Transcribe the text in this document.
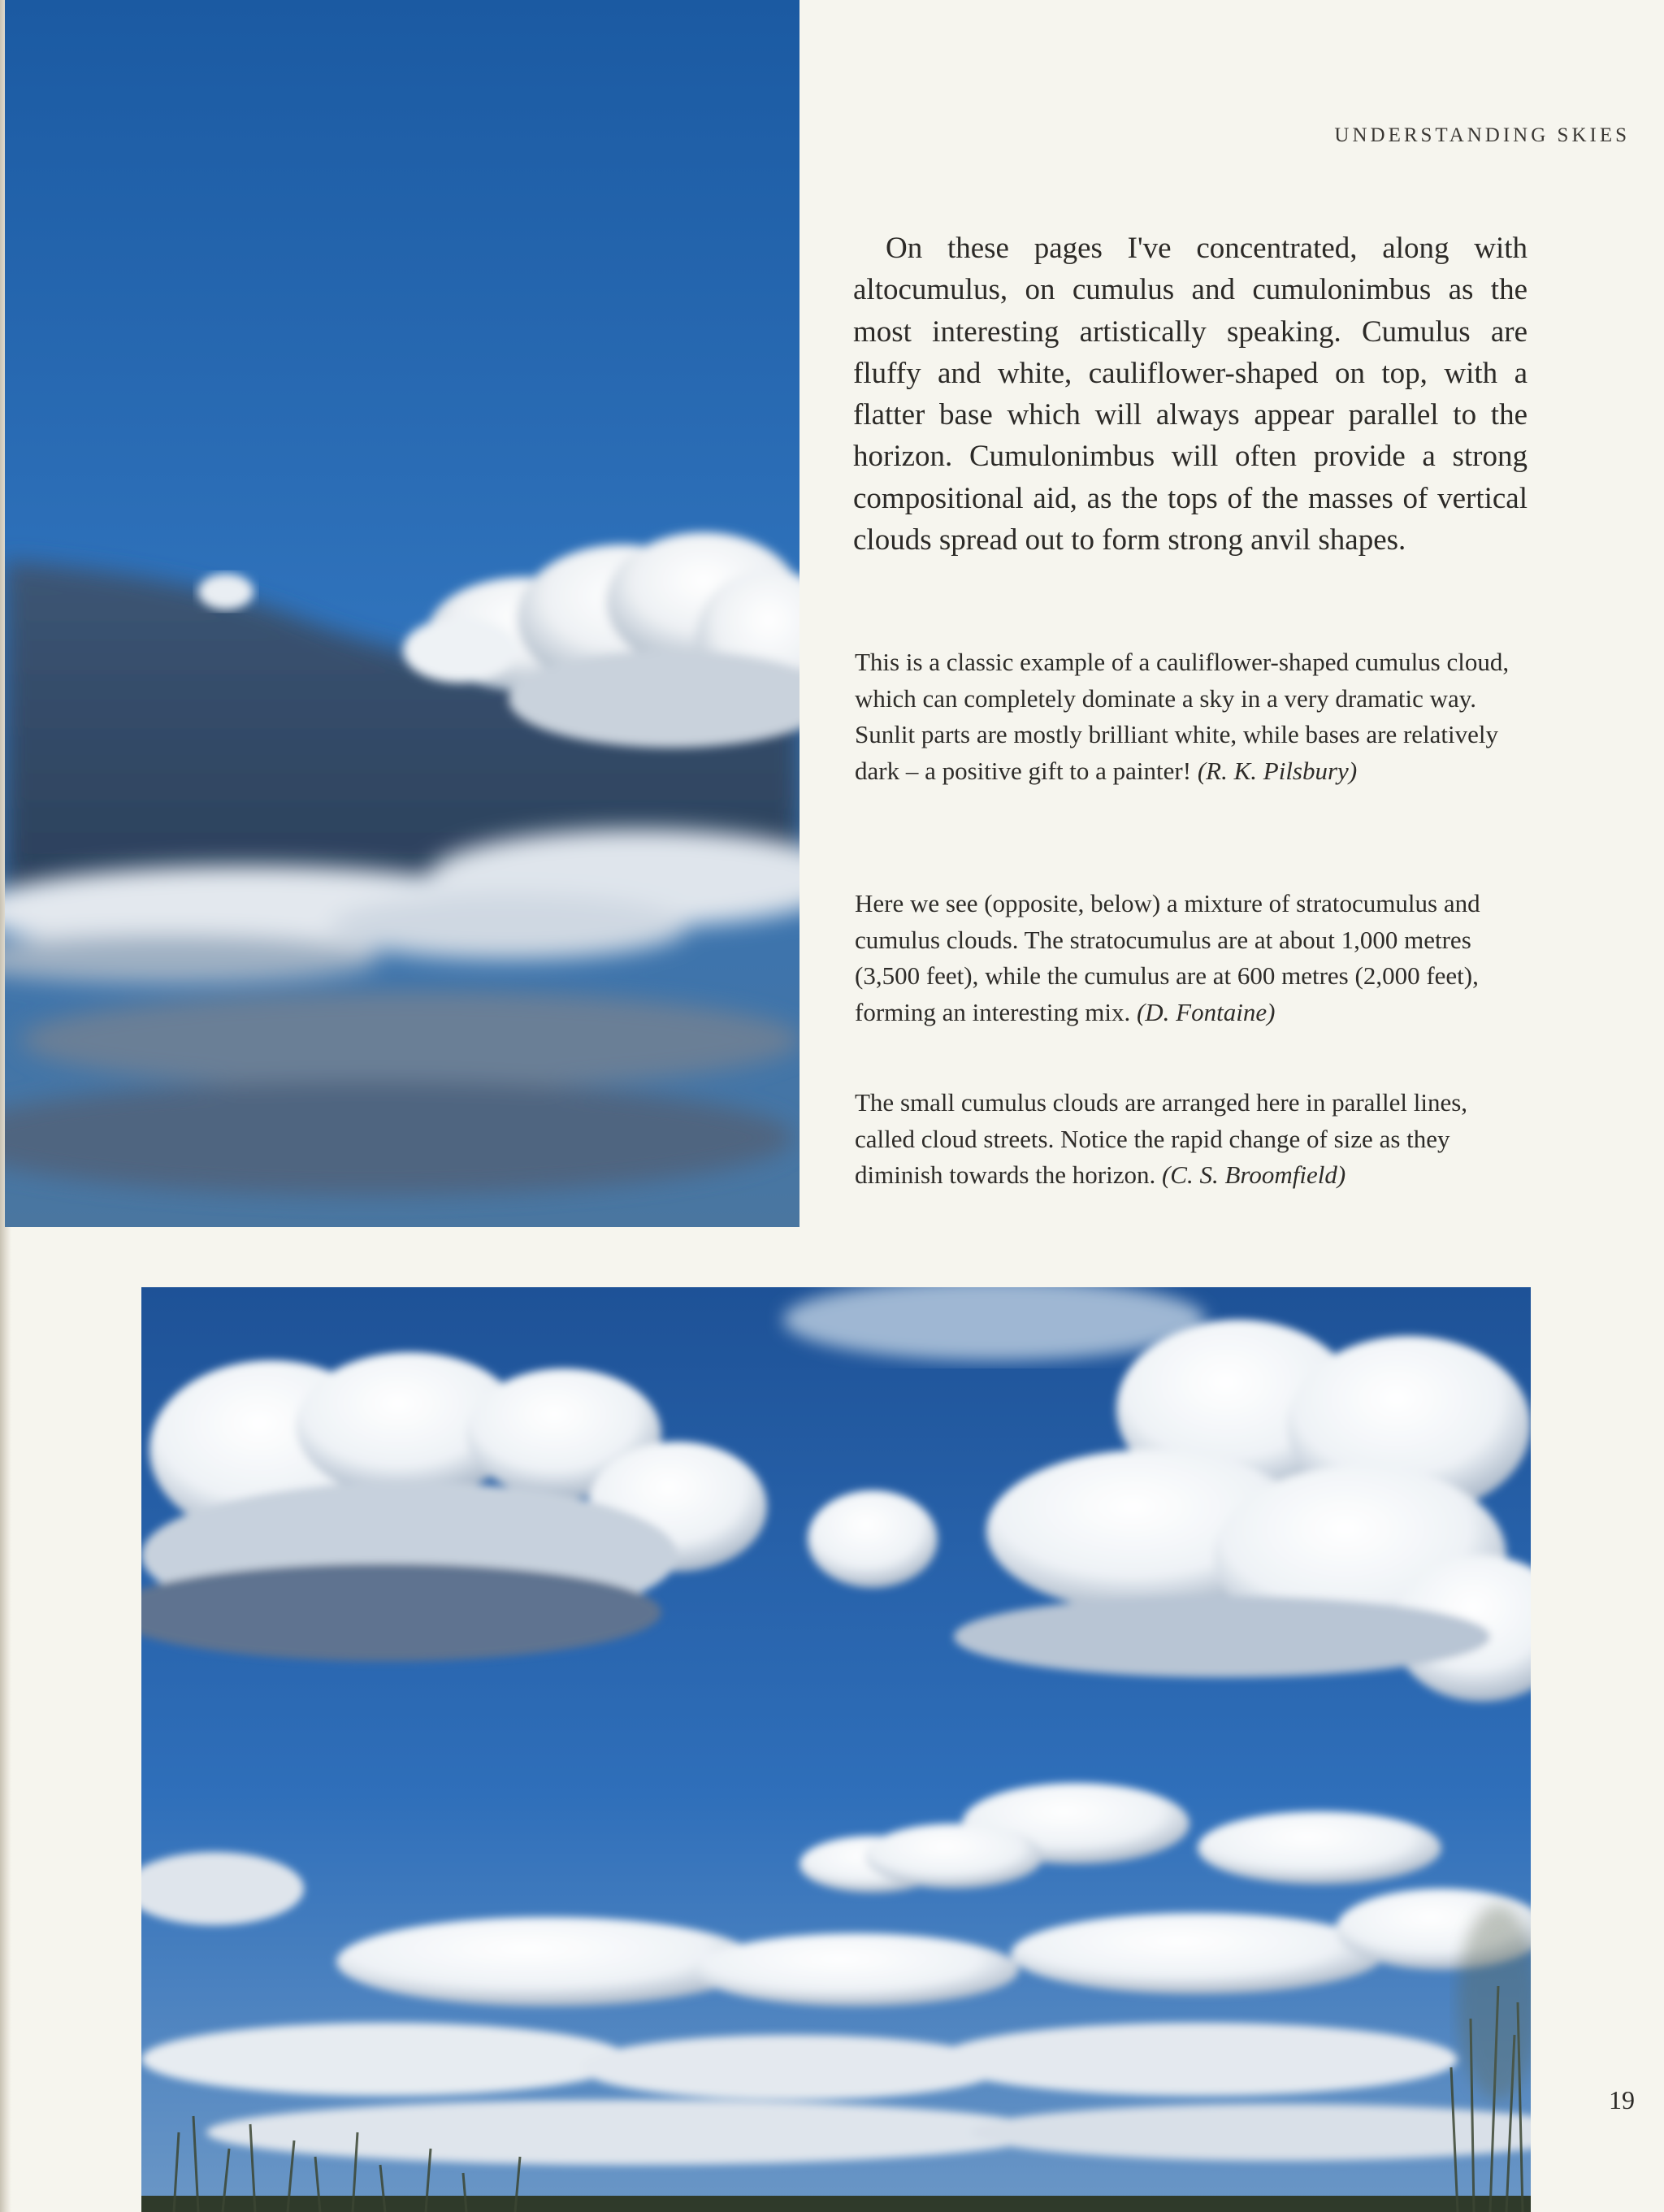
UNDERSTANDING SKIES

On these pages I've concentrated, along with altocumulus, on cumulus and cumulonimbus as the most interesting artistically speaking. Cumulus are fluffy and white, cauliflower-shaped on top, with a flatter base which will always appear parallel to the horizon. Cumulonimbus will often provide a strong compositional aid, as the tops of the masses of vertical clouds spread out to form strong anvil shapes.

This is a classic example of a cauliflower-shaped cumulus cloud, which can completely dominate a sky in a very dramatic way. Sunlit parts are mostly brilliant white, while bases are relatively dark – a positive gift to a painter! (R. K. Pilsbury)

Here we see (opposite, below) a mixture of stratocumulus and cumulus clouds. The stratocumulus are at about 1,000 metres (3,500 feet), while the cumulus are at 600 metres (2,000 feet), forming an interesting mix. (D. Fontaine)

The small cumulus clouds are arranged here in parallel lines, called cloud streets. Notice the rapid change of size as they diminish towards the horizon. (C. S. Broomfield)

19
